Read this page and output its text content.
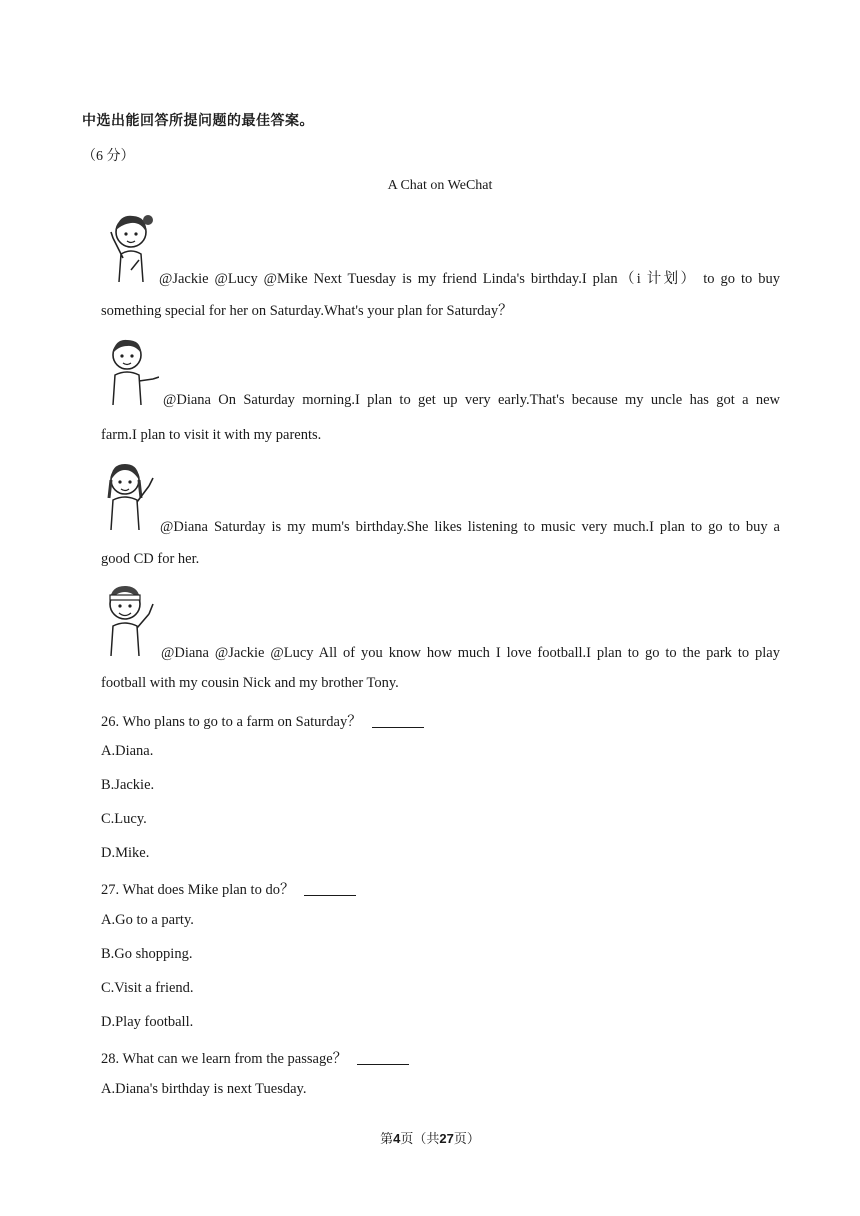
中选出能回答所提问题的最佳答案。
（6 分）
A Chat on WeChat
@Jackie @Lucy @Mike Next Tuesday is my friend Linda's birthday.I plan（i 计划） to go to buy
something special for her on Saturday.What's your plan for Saturday？
@Diana On Saturday morning.I plan to get up very early.That's because my uncle has got a new
farm.I plan to visit it with my parents.
@Diana Saturday is my mum's birthday.She likes listening to music very much.I plan to go to buy a
good CD for her.
@Diana @Jackie @Lucy All of you know how much I love football.I plan to go to the park to play
football with my cousin Nick and my brother Tony.
26. Who plans to go to a farm on Saturday？
A.Diana.
B.Jackie.
C.Lucy.
D.Mike.
27. What does Mike plan to do？
A.Go to a party.
B.Go shopping.
C.Visit a friend.
D.Play football.
28. What can we learn from the passage？
A.Diana's birthday is next Tuesday.
第4页（共27页）
